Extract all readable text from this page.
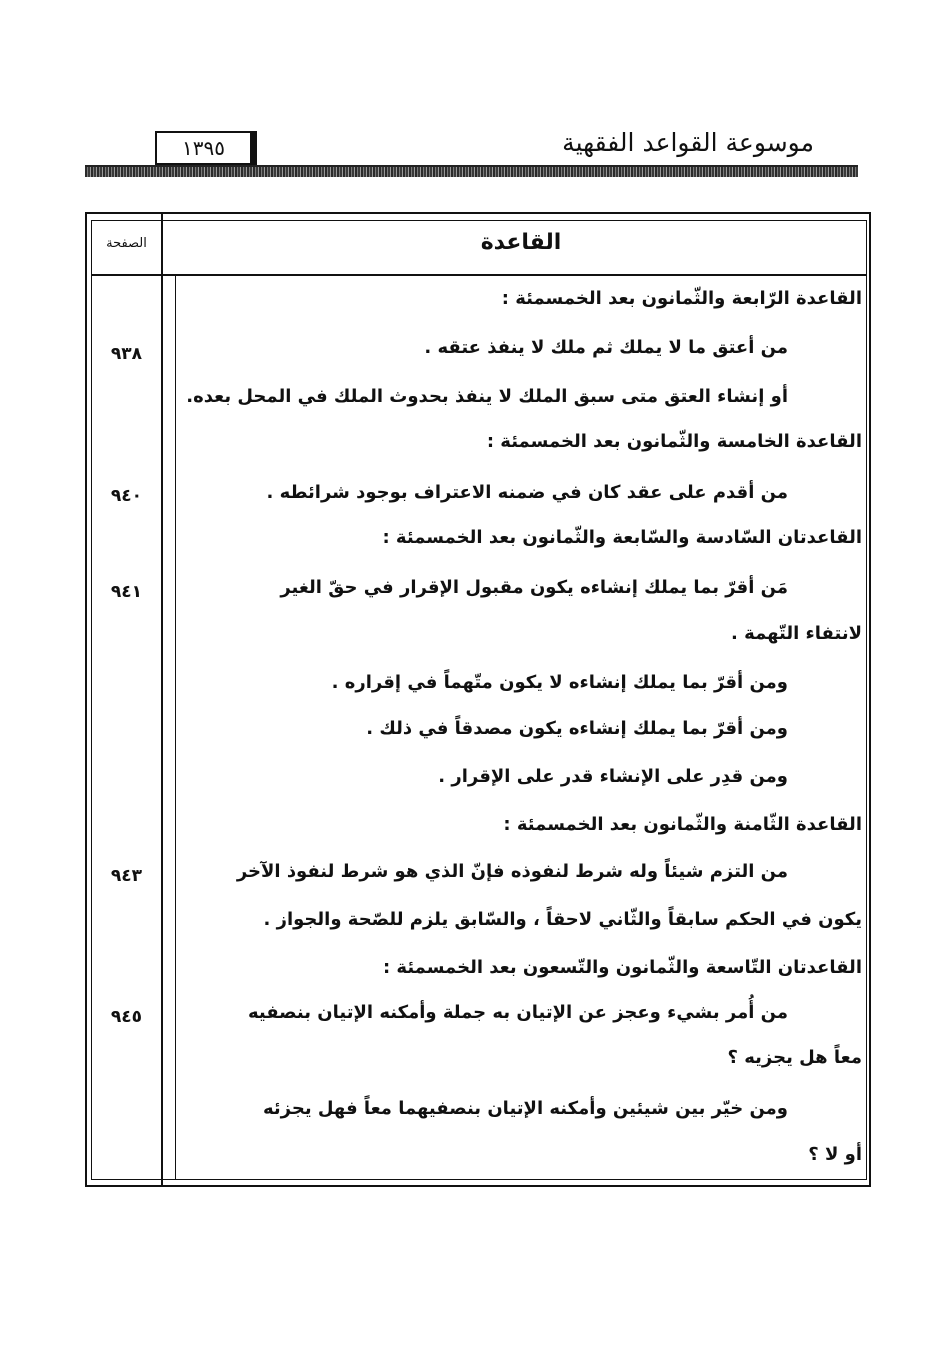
موسوعة القواعد الفقهية
١٣٩٥
القاعدة
الصفحة
القاعدة الرّابعة والثّمانون بعد الخمسمئة :
من أعتق ما لا يملك ثم ملك لا ينفذ عتقه .
٩٣٨
أو إنشاء العتق متى سبق الملك لا ينفذ بحدوث الملك في المحل بعده.
القاعدة الخامسة والثّمانون بعد الخمسمئة :
من أقدم على عقد كان في ضمنه الاعتراف بوجود شرائطه .
٩٤٠
القاعدتان السّادسة والسّابعة والثّمانون بعد الخمسمئة :
مَن أقرّ بما يملك إنشاءه يكون مقبول الإقرار في حقّ الغير
٩٤١
لانتفاء التّهمة .
ومن أقرّ بما يملك إنشاءه لا يكون متّهماً في إقراره .
ومن أقرّ بما يملك إنشاءه يكون مصدقاً في ذلك .
ومن قدِر على الإنشاء قدر على الإقرار .
القاعدة الثّامنة والثّمانون بعد الخمسمئة :
من التزم شيئاً وله شرط لنفوذه فإنّ الذي هو شرط لنفوذ الآخر
٩٤٣
يكون في الحكم سابقاً والثّاني لاحقاً ، والسّابق يلزم للصّحة والجواز .
القاعدتان التّاسعة والثّمانون والتّسعون بعد الخمسمئة :
من أُمر بشيء وعجز عن الإتيان به جملة وأمكنه الإتيان بنصفيه
٩٤٥
معاً هل يجزيه ؟
ومن خيّر بين شيئين وأمكنه الإتيان بنصفيهما معاً فهل يجزئه
أو لا ؟
